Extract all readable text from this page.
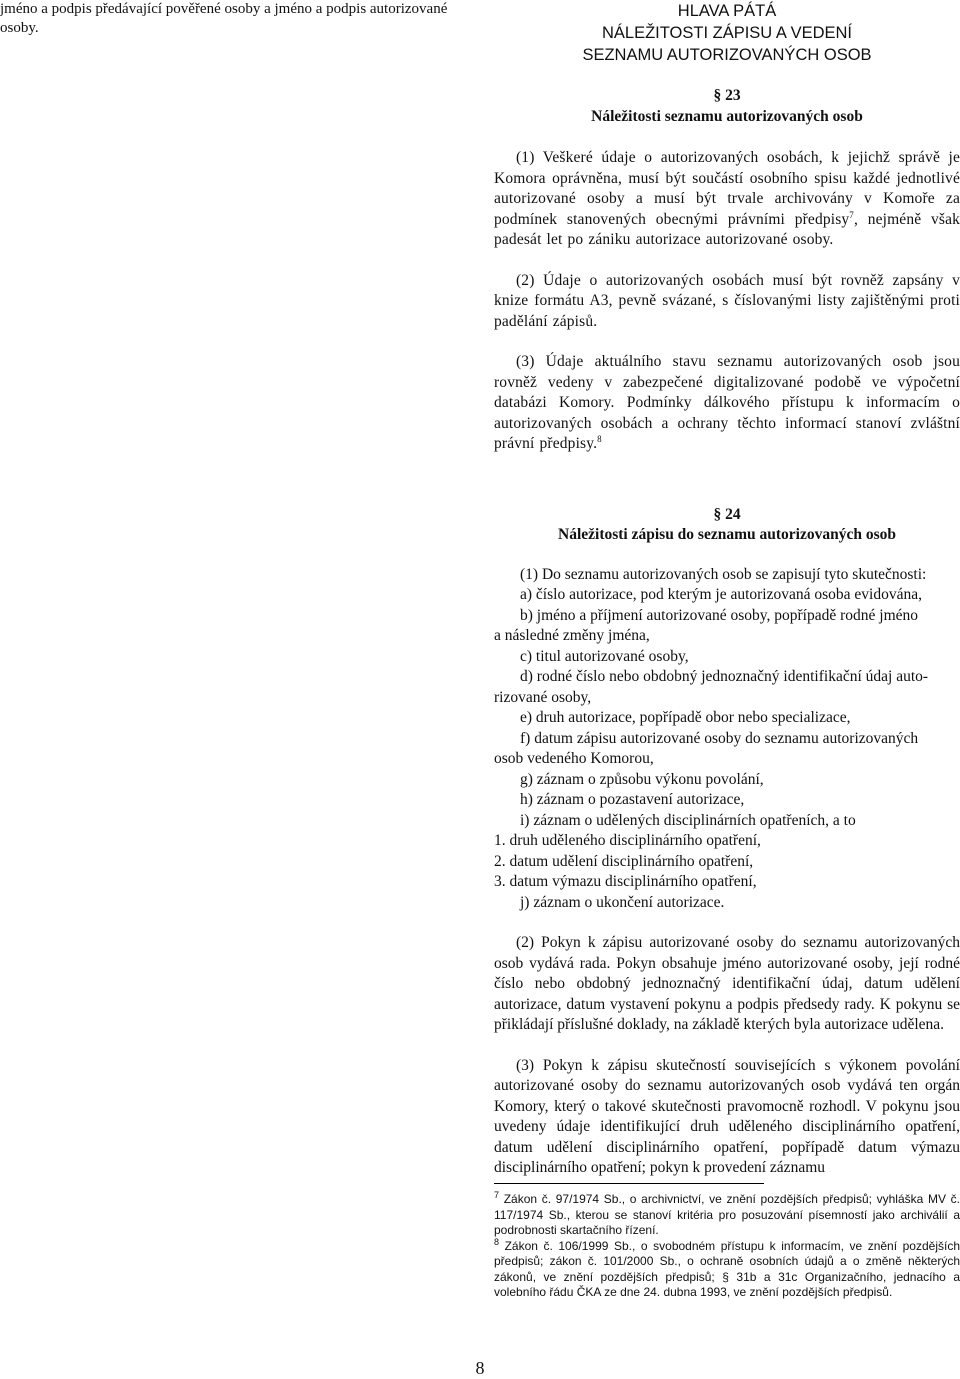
jméno a podpis předávající pověřené osoby a jméno a podpis autorizované osoby.

HLAVA PÁTÁ
NÁLEŽITOSTI ZÁPISU A VEDENÍ
SEZNAMU AUTORIZOVANÝCH OSOB
§ 23
Náležitosti seznamu autorizovaných osob

(1) Veškeré údaje o autorizovaných osobách, k jejichž správě je Komora oprávněna, musí být součástí osobního spisu každé jednotlivé autorizované osoby a musí být trvale archivovány v Komoře za podmínek stanovených obecnými právními předpisy$^7$, nejméně však padesát let po zániku autorizace autorizované osoby.

(2) Údaje o autorizovaných osobách musí být rovněž zapsány v knize formátu A3, pevně svázané, s číslovanými listy zajištěnými proti padělání zápisů.

(3) Údaje aktuálního stavu seznamu autorizovaných osob jsou rovněž vedeny v zabezpečené digitalizované podobě ve výpočetní databázi Komory. Podmínky dálkového přístupu k informacím o autorizovaných osobách a ochrany těchto informací stanoví zvláštní právní předpisy.$^8$

§ 24
Náležitosti zápisu do seznamu autorizovaných osob

(1) Do seznamu autorizovaných osob se zapisují tyto skutečnosti:

a) číslo autorizace, pod kterým je autorizovaná osoba evidována,

b) jméno a příjmení autorizované osoby, popřípadě rodné jméno

a následné změny jména,

c) titul autorizované osoby,

d) rodné číslo nebo obdobný jednoznačný identifikační údaj auto-

rizované osoby,

e) druh autorizace, popřípadě obor nebo specializace,

f) datum zápisu autorizované osoby do seznamu autorizovaných

osob vedeného Komorou,

g) záznam o způsobu výkonu povolání,

h) záznam o pozastavení autorizace,

i) záznam o udělených disciplinárních opatřeních, a to

1. druh uděleného disciplinárního opatření,

2. datum udělení disciplinárního opatření,

3. datum výmazu disciplinárního opatření,

j) záznam o ukončení autorizace.

(2) Pokyn k zápisu autorizované osoby do seznamu autorizovaných osob vydává rada. Pokyn obsahuje jméno autorizované osoby, její rodné číslo nebo obdobný jednoznačný identifikační údaj, datum udělení autorizace, datum vystavení pokynu a podpis předsedy rady. K pokynu se přikládají příslušné doklady, na základě kterých byla autorizace udělena.

(3) Pokyn k zápisu skutečností souvisejících s výkonem povolání autorizované osoby do seznamu autorizovaných osob vydává ten orgán Komory, který o takové skutečnosti pravomocně rozhodl. V pokynu jsou uvedeny údaje identifikující druh uděleného disciplinárního opatření, datum udělení disciplinárního opatření, popřípadě datum výmazu disciplinárního opatření; pokyn k provedení záznamu

$^7$ Zákon č. 97/1974 Sb., o archivnictví, ve znění pozdějších předpisů; vyhláška MV č. 117/1974 Sb., kterou se stanoví kritéria pro posuzování písemností jako archiválií a podrobnosti skartačního řízení.

$^8$ Zákon č. 106/1999 Sb., o svobodném přístupu k informacím, ve znění pozdějších předpisů; zákon č. 101/2000 Sb., o ochraně osobních údajů a o změně některých zákonů, ve znění pozdějších předpisů; § 31b a 31c Organizačního, jednacího a volebního řádu ČKA ze dne 24. dubna 1993, ve znění pozdějších předpisů.

8
